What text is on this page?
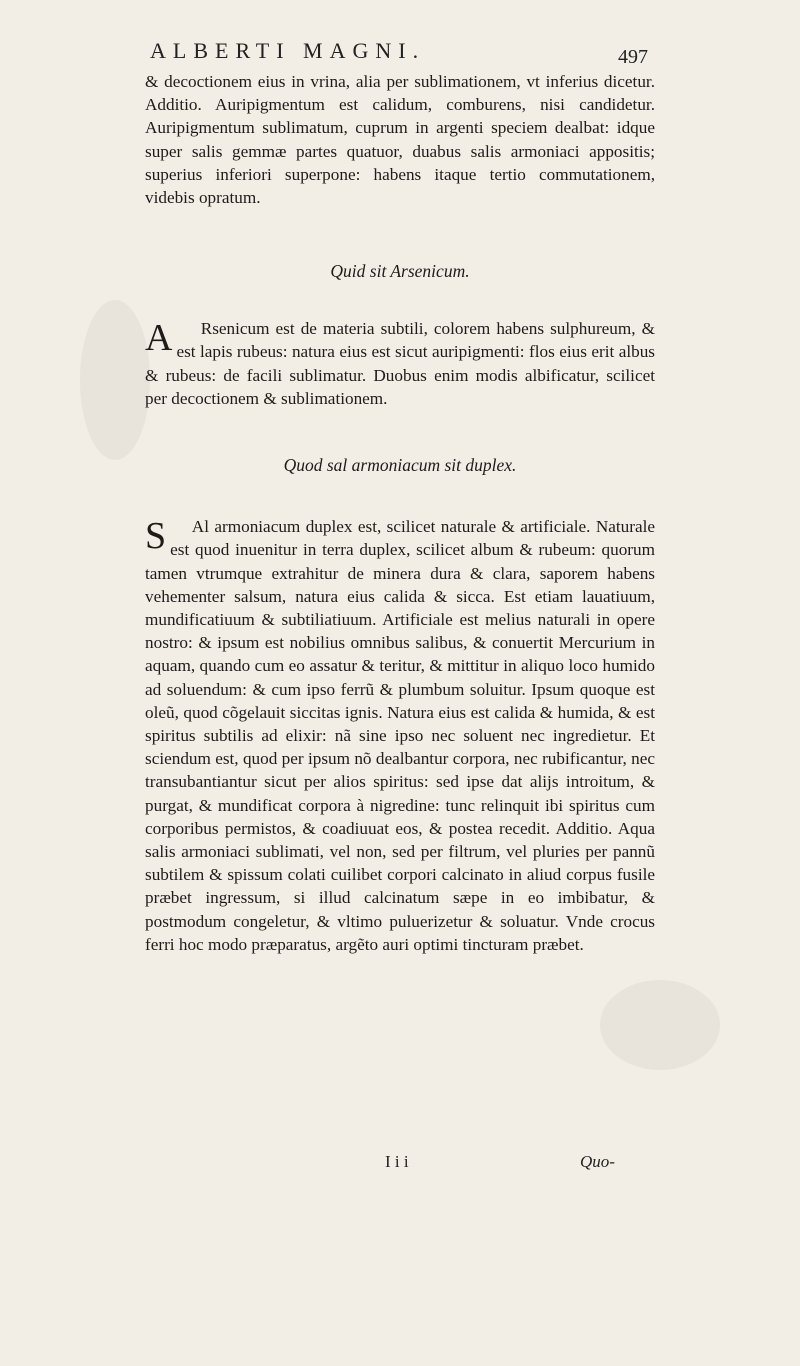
ALBERTI MAGNI.	497
& decoctionem eius in vrina, alia per sublimationem, vt inferius dicetur. Additio. Auripigmentum est calidum, comburens, nisi candidetur. Auripigmentum sublimatum, cuprum in argenti speciem dealbat: idque super salis gemmæ partes quatuor, duabus salis armoniaci appositis; superius inferiori superpone: habens itaque tertio commutationem, videbis opratum.
Quid sit Arsenicum.

A Rsenicum est de materia subtili, colorem habens sulphureum, & est lapis rubeus: natura eius est sicut auripigmenti: flos eius erit albus & rubeus: de facili sublimatur. Duobus enim modis albificatur, scilicet per decoctionem & sublimationem.

Quod sal armoniacum sit duplex.

S Al armoniacum duplex est, scilicet naturale & artificiale. Naturale est quod inuenitur in terra duplex, scilicet album & rubeum: quorum tamen vtrumque extrahitur de minera dura & clara, saporem habens vehementer salsum, natura eius calida & sicca. Est etiam lauatiuum, mundificatiuum & subtiliatiuum. Artificiale est melius naturali in opere nostro: & ipsum est nobilius omnibus salibus, & conuertit Mercurium in aquam, quando cum eo assatur & teritur, & mittitur in aliquo loco humido ad soluendum: & cum ipso ferrũ & plumbum soluitur. Ipsum quoque est oleũ, quod cõgelauit siccitas ignis. Natura eius est calida & humida, & est spiritus subtilis ad elixir: nã sine ipso nec soluent nec ingredietur. Et sciendum est, quod per ipsum nõ dealbantur corpora, nec rubificantur, nec transubantiantur sicut per alios spiritus: sed ipse dat alijs introitum, & purgat, & mundificat corpora à nigredine: tunc relinquit ibi spiritus cum corporibus permistos, & coadiuuat eos, & postea recedit. Additio. Aqua salis armoniaci sublimati, vel non, sed per filtrum, vel pluries per pannũ subtilem & spissum colati cuilibet corpori calcinato in aliud corpus fusile præbet ingressum, si illud calcinatum sæpe in eo imbibatur, & postmodum congeletur, & vltimo puluerizetur & soluatur. Vnde crocus ferri hoc modo præparatus, argẽto auri optimi tincturam præbet.

I i i	Quo-
